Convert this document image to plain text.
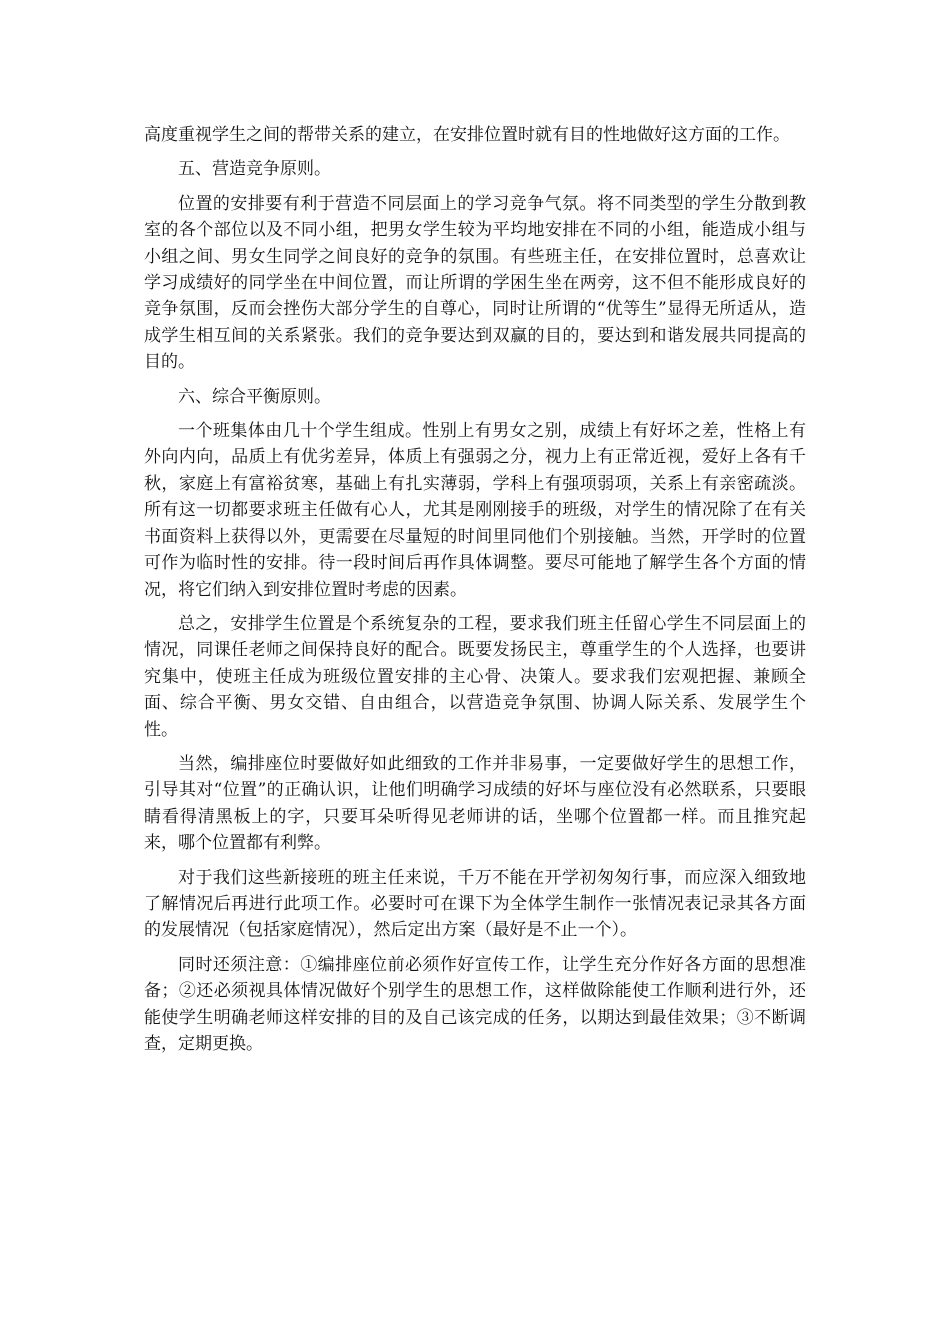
高度重视学生之间的帮带关系的建立，在安排位置时就有目的性地做好这方面的工作。

五、营造竞争原则。

位置的安排要有利于营造不同层面上的学习竞争气氛。将不同类型的学生分散到教室的各个部位以及不同小组，把男女学生较为平均地安排在不同的小组，能造成小组与小组之间、男女生同学之间良好的竞争的氛围。有些班主任，在安排位置时，总喜欢让学习成绩好的同学坐在中间位置，而让所谓的学困生坐在两旁，这不但不能形成良好的竞争氛围，反而会挫伤大部分学生的自尊心，同时让所谓的“优等生”显得无所适从，造成学生相互间的关系紧张。我们的竞争要达到双赢的目的，要达到和谐发展共同提高的目的。

六、综合平衡原则。

一个班集体由几十个学生组成。性别上有男女之别，成绩上有好坏之差，性格上有外向内向，品质上有优劣差异，体质上有强弱之分，视力上有正常近视，爱好上各有千秋，家庭上有富裕贫寒，基础上有扎实薄弱，学科上有强项弱项，关系上有亲密疏淡。所有这一切都要求班主任做有心人，尤其是刚刚接手的班级，对学生的情况除了在有关书面资料上获得以外，更需要在尽量短的时间里同他们个别接触。当然，开学时的位置可作为临时性的安排。待一段时间后再作具体调整。要尽可能地了解学生各个方面的情况，将它们纳入到安排位置时考虑的因素。

总之，安排学生位置是个系统复杂的工程，要求我们班主任留心学生不同层面上的情况，同课任老师之间保持良好的配合。既要发扬民主，尊重学生的个人选择，也要讲究集中，使班主任成为班级位置安排的主心骨、决策人。要求我们宏观把握、兼顾全面、综合平衡、男女交错、自由组合，以营造竞争氛围、协调人际关系、发展学生个性。

当然，编排座位时要做好如此细致的工作并非易事，一定要做好学生的思想工作，引导其对“位置”的正确认识，让他们明确学习成绩的好坏与座位没有必然联系，只要眼睛看得清黑板上的字，只要耳朵听得见老师讲的话，坐哪个位置都一样。而且推究起来，哪个位置都有利弊。

对于我们这些新接班的班主任来说，千万不能在开学初匆匆行事，而应深入细致地了解情况后再进行此项工作。必要时可在课下为全体学生制作一张情况表记录其各方面的发展情况（包括家庭情况），然后定出方案（最好是不止一个）。

同时还须注意：①编排座位前必须作好宣传工作，让学生充分作好各方面的思想准备；②还必须视具体情况做好个别学生的思想工作，这样做除能使工作顺利进行外，还能使学生明确老师这样安排的目的及自己该完成的任务，以期达到最佳效果；③不断调查，定期更换。
